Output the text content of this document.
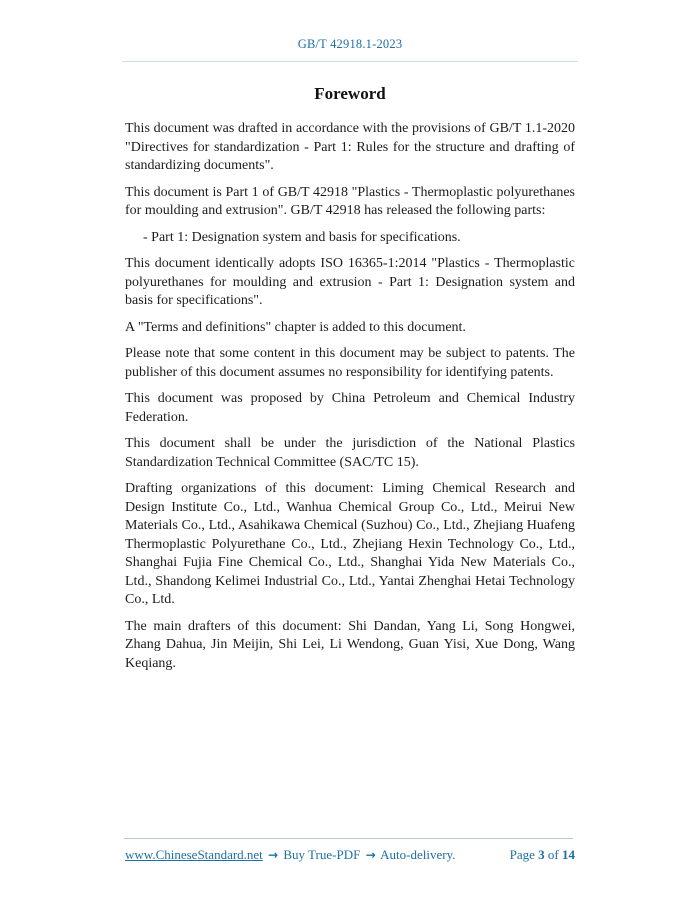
GB/T 42918.1-2023
Foreword

This document was drafted in accordance with the provisions of GB/T 1.1-2020 "Directives for standardization - Part 1: Rules for the structure and drafting of standardizing documents".

This document is Part 1 of GB/T 42918 "Plastics - Thermoplastic polyurethanes for moulding and extrusion". GB/T 42918 has released the following parts:

- Part 1: Designation system and basis for specifications.

This document identically adopts ISO 16365-1:2014 "Plastics - Thermoplastic polyurethanes for moulding and extrusion - Part 1: Designation system and basis for specifications".

A "Terms and definitions" chapter is added to this document.

Please note that some content in this document may be subject to patents. The publisher of this document assumes no responsibility for identifying patents.

This document was proposed by China Petroleum and Chemical Industry Federation.

This document shall be under the jurisdiction of the National Plastics Standardization Technical Committee (SAC/TC 15).

Drafting organizations of this document: Liming Chemical Research and Design Institute Co., Ltd., Wanhua Chemical Group Co., Ltd., Meirui New Materials Co., Ltd., Asahikawa Chemical (Suzhou) Co., Ltd., Zhejiang Huafeng Thermoplastic Polyurethane Co., Ltd., Zhejiang Hexin Technology Co., Ltd., Shanghai Fujia Fine Chemical Co., Ltd., Shanghai Yida New Materials Co., Ltd., Shandong Kelimei Industrial Co., Ltd., Yantai Zhenghai Hetai Technology Co., Ltd.

The main drafters of this document: Shi Dandan, Yang Li, Song Hongwei, Zhang Dahua, Jin Meijin, Shi Lei, Li Wendong, Guan Yisi, Xue Dong, Wang Keqiang.

www.ChineseStandard.net → Buy True-PDF → Auto-delivery.	Page 3 of 14
